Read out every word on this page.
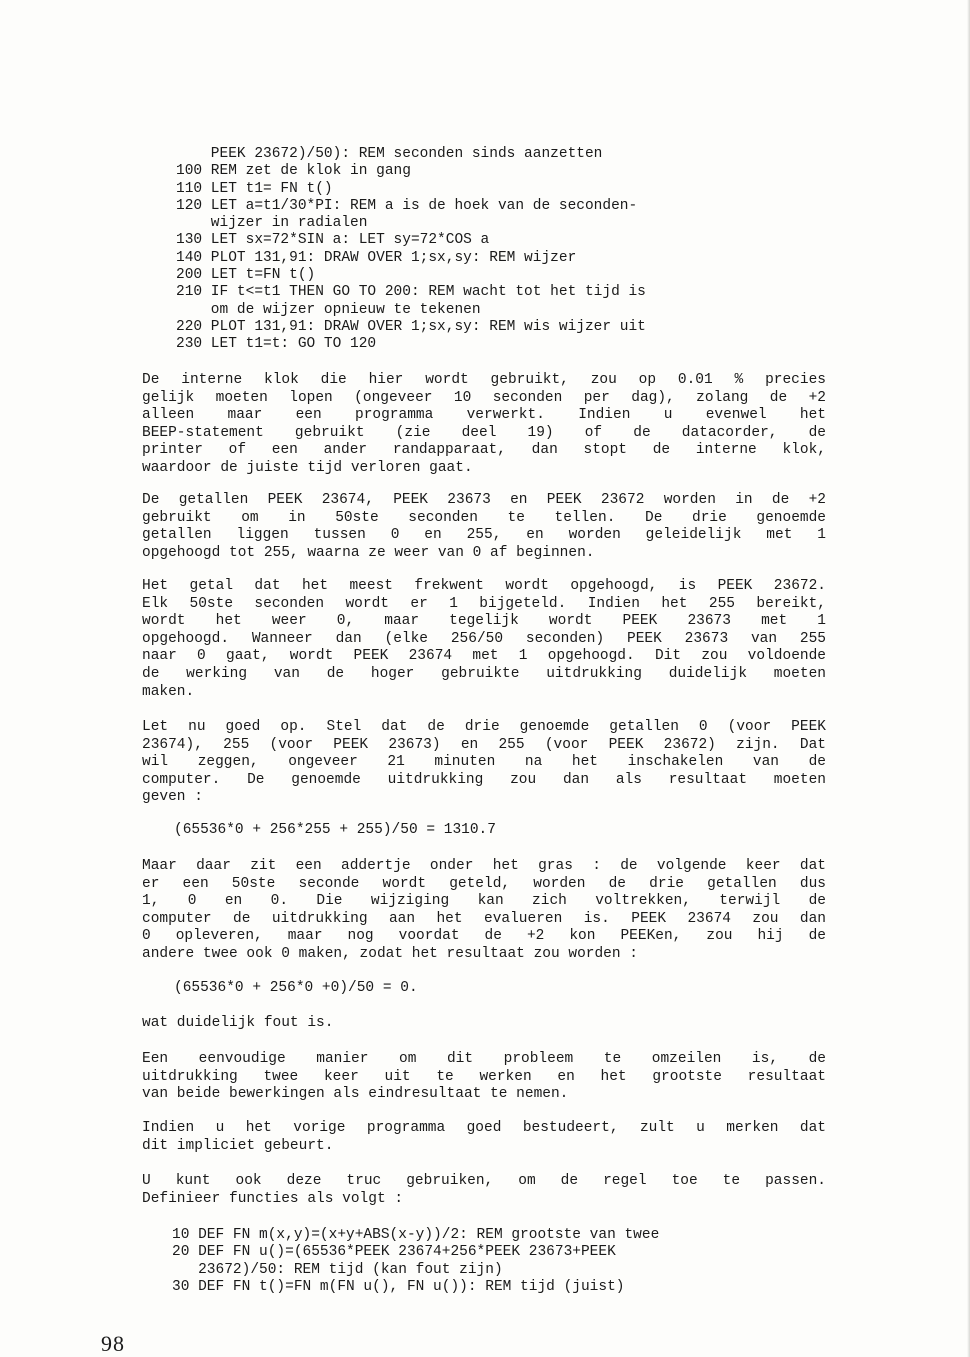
PEEK 23672)/50): REM seconden sinds aanzetten
100 REM zet de klok in gang
110 LET t1= FN t()
120 LET a=t1/30*PI: REM a is de hoek van de seconden-
wijzer in radialen
130 LET sx=72*SIN a: LET sy=72*COS a
140 PLOT 131,91: DRAW OVER 1;sx,sy: REM wijzer
200 LET t=FN t()
210 IF t<=t1 THEN GO TO 200: REM wacht tot het tijd is
om de wijzer opnieuw te tekenen
220 PLOT 131,91: DRAW OVER 1;sx,sy: REM wis wijzer uit
230 LET t1=t: GO TO 120
De interne klok die hier wordt gebruikt, zou op 0.01 % precies
gelijk moeten lopen (ongeveer 10 seconden per dag), zolang de +2
alleen maar een programma verwerkt. Indien u evenwel het
BEEP-statement gebruikt (zie deel 19) of de datacorder, de
printer of een ander randapparaat, dan stopt de interne klok,
waardoor de juiste tijd verloren gaat.
De getallen PEEK 23674, PEEK 23673 en PEEK 23672 worden in de +2
gebruikt om in 50ste seconden te tellen. De drie genoemde
getallen liggen tussen 0 en 255, en worden geleidelijk met 1
opgehoogd tot 255, waarna ze weer van 0 af beginnen.
Het getal dat het meest frekwent wordt opgehoogd, is PEEK 23672.
Elk 50ste seconden wordt er 1 bijgeteld. Indien het 255 bereikt,
wordt het weer 0, maar tegelijk wordt PEEK 23673 met 1
opgehoogd. Wanneer dan (elke 256/50 seconden) PEEK 23673 van 255
naar 0 gaat, wordt PEEK 23674 met 1 opgehoogd. Dit zou voldoende
de werking van de hoger gebruikte uitdrukking duidelijk moeten
maken.
Let nu goed op. Stel dat de drie genoemde getallen 0 (voor PEEK
23674), 255 (voor PEEK 23673) en 255 (voor PEEK 23672) zijn. Dat
wil zeggen, ongeveer 21 minuten na het inschakelen van de
computer. De genoemde uitdrukking zou dan als resultaat moeten
geven :
(65536*0 + 256*255 + 255)/50 = 1310.7
Maar daar zit een addertje onder het gras : de volgende keer dat
er een 50ste seconde wordt geteld, worden de drie getallen dus
1, 0 en 0. Die wijziging kan zich voltrekken, terwijl de
computer de uitdrukking aan het evalueren is. PEEK 23674 zou dan
0 opleveren, maar nog voordat de +2 kon PEEKen, zou hij de
andere twee ook 0 maken, zodat het resultaat zou worden :
(65536*0 + 256*0 +0)/50 = 0.
wat duidelijk fout is.
Een eenvoudige manier om dit probleem te omzeilen is, de
uitdrukking twee keer uit te werken en het grootste resultaat
van beide bewerkingen als eindresultaat te nemen.
Indien u het vorige programma goed bestudeert, zult u merken dat
dit impliciet gebeurt.
U kunt ook deze truc gebruiken, om de regel toe te passen.
Definieer functies als volgt :
10 DEF FN m(x,y)=(x+y+ABS(x-y))/2: REM grootste van twee
20 DEF FN u()=(65536*PEEK 23674+256*PEEK 23673+PEEK
23672)/50: REM tijd (kan fout zijn)
30 DEF FN t()=FN m(FN u(), FN u()): REM tijd (juist)
98
